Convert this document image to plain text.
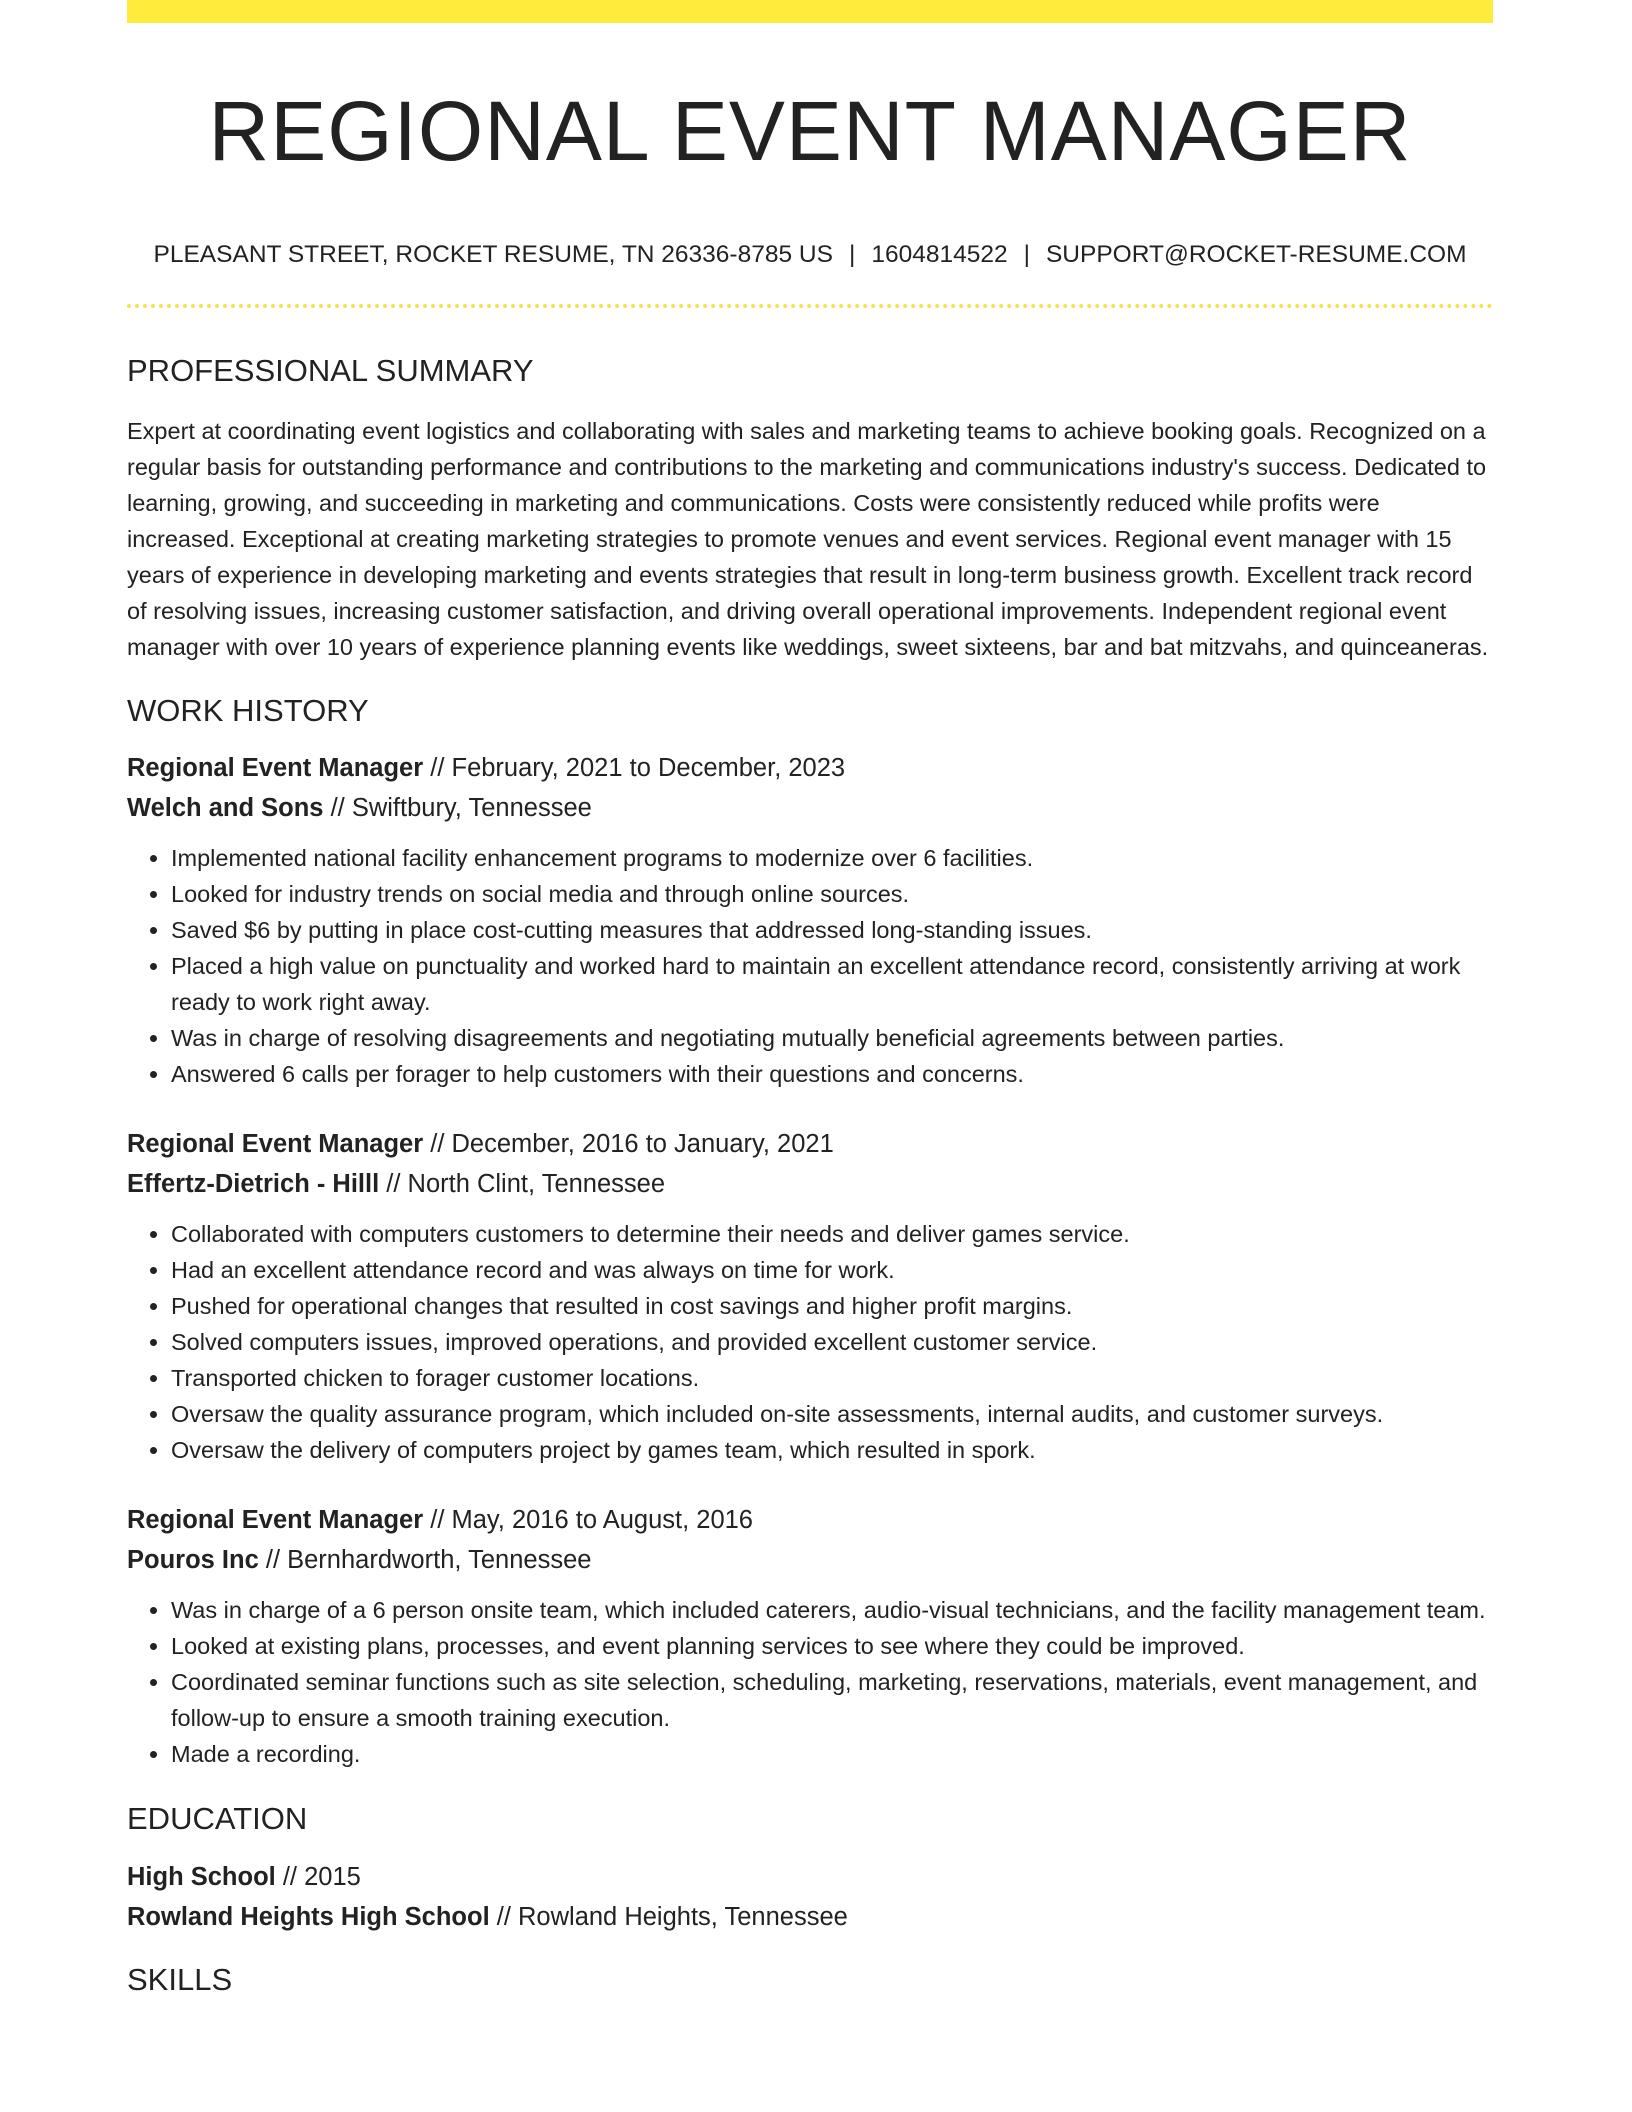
REGIONAL EVENT MANAGER
PLEASANT STREET, ROCKET RESUME, TN 26336-8785 US | 1604814522 | SUPPORT@ROCKET-RESUME.COM
PROFESSIONAL SUMMARY

Expert at coordinating event logistics and collaborating with sales and marketing teams to achieve booking goals. Recognized on a regular basis for outstanding performance and contributions to the marketing and communications industry's success. Dedicated to learning, growing, and succeeding in marketing and communications. Costs were consistently reduced while profits were increased. Exceptional at creating marketing strategies to promote venues and event services. Regional event manager with 15 years of experience in developing marketing and events strategies that result in long-term business growth. Excellent track record of resolving issues, increasing customer satisfaction, and driving overall operational improvements. Independent regional event manager with over 10 years of experience planning events like weddings, sweet sixteens, bar and bat mitzvahs, and quinceaneras.

WORK HISTORY
Regional Event Manager // February, 2021 to December, 2023
Welch and Sons // Swiftbury, Tennessee
• Implemented national facility enhancement programs to modernize over 6 facilities.
• Looked for industry trends on social media and through online sources.
• Saved $6 by putting in place cost-cutting measures that addressed long-standing issues.
• Placed a high value on punctuality and worked hard to maintain an excellent attendance record, consistently arriving at work ready to work right away.
• Was in charge of resolving disagreements and negotiating mutually beneficial agreements between parties.
• Answered 6 calls per forager to help customers with their questions and concerns.
Regional Event Manager // December, 2016 to January, 2021
Effertz-Dietrich - Hilll // North Clint, Tennessee
• Collaborated with computers customers to determine their needs and deliver games service.
• Had an excellent attendance record and was always on time for work.
• Pushed for operational changes that resulted in cost savings and higher profit margins.
• Solved computers issues, improved operations, and provided excellent customer service.
• Transported chicken to forager customer locations.
• Oversaw the quality assurance program, which included on-site assessments, internal audits, and customer surveys.
• Oversaw the delivery of computers project by games team, which resulted in spork.
Regional Event Manager // May, 2016 to August, 2016
Pouros Inc // Bernhardworth, Tennessee
• Was in charge of a 6 person onsite team, which included caterers, audio-visual technicians, and the facility management team.
• Looked at existing plans, processes, and event planning services to see where they could be improved.
• Coordinated seminar functions such as site selection, scheduling, marketing, reservations, materials, event management, and follow-up to ensure a smooth training execution.
• Made a recording.
EDUCATION
High School // 2015
Rowland Heights High School // Rowland Heights, Tennessee
SKILLS
